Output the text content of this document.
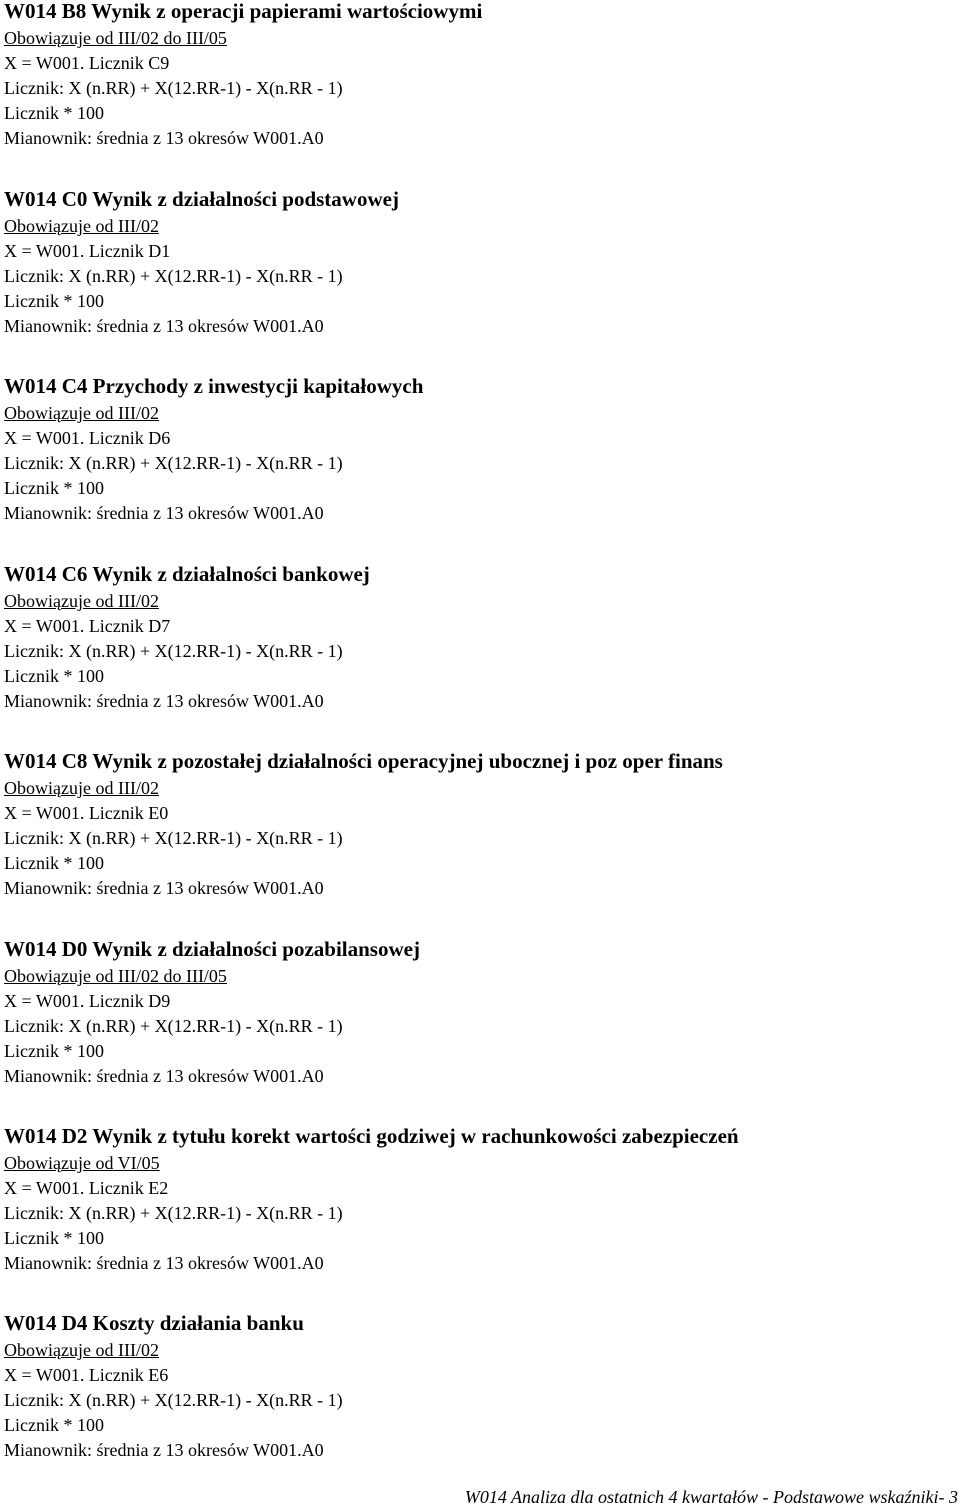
W014 B8 Wynik z operacji papierami wartościowymi
Obowiązuje od III/02 do III/05
X = W001. Licznik C9
Licznik: X (n.RR) + X(12.RR-1) - X(n.RR - 1)
Licznik * 100
Mianownik: średnia z 13 okresów W001.A0
W014 C0 Wynik z działalności podstawowej
Obowiązuje od III/02
X = W001. Licznik D1
Licznik: X (n.RR) + X(12.RR-1) - X(n.RR - 1)
Licznik * 100
Mianownik: średnia z 13 okresów W001.A0
W014 C4 Przychody z inwestycji kapitałowych
Obowiązuje od III/02
X = W001. Licznik D6
Licznik: X (n.RR) + X(12.RR-1) - X(n.RR - 1)
Licznik * 100
Mianownik: średnia z 13 okresów W001.A0
W014 C6 Wynik z działalności bankowej
Obowiązuje od III/02
X = W001. Licznik D7
Licznik: X (n.RR) + X(12.RR-1) - X(n.RR - 1)
Licznik * 100
Mianownik: średnia z 13 okresów W001.A0
W014 C8 Wynik z pozostałej działalności operacyjnej ubocznej i poz oper finans
Obowiązuje od III/02
X = W001. Licznik E0
Licznik: X (n.RR) + X(12.RR-1) - X(n.RR - 1)
Licznik * 100
Mianownik: średnia z 13 okresów W001.A0
W014 D0 Wynik z działalności pozabilansowej
Obowiązuje od III/02 do III/05
X = W001. Licznik D9
Licznik: X (n.RR) + X(12.RR-1) - X(n.RR - 1)
Licznik * 100
Mianownik: średnia z 13 okresów W001.A0
W014 D2 Wynik z tytułu korekt wartości godziwej w rachunkowości zabezpieczeń
Obowiązuje od VI/05
X = W001. Licznik E2
Licznik: X (n.RR) + X(12.RR-1) - X(n.RR - 1)
Licznik * 100
Mianownik: średnia z 13 okresów W001.A0
W014 D4 Koszty działania banku
Obowiązuje od III/02
X = W001. Licznik E6
Licznik: X (n.RR) + X(12.RR-1) - X(n.RR - 1)
Licznik * 100
Mianownik: średnia z 13 okresów W001.A0
W014 Analiza dla ostatnich 4 kwartałów - Podstawowe wskaźniki- 3
